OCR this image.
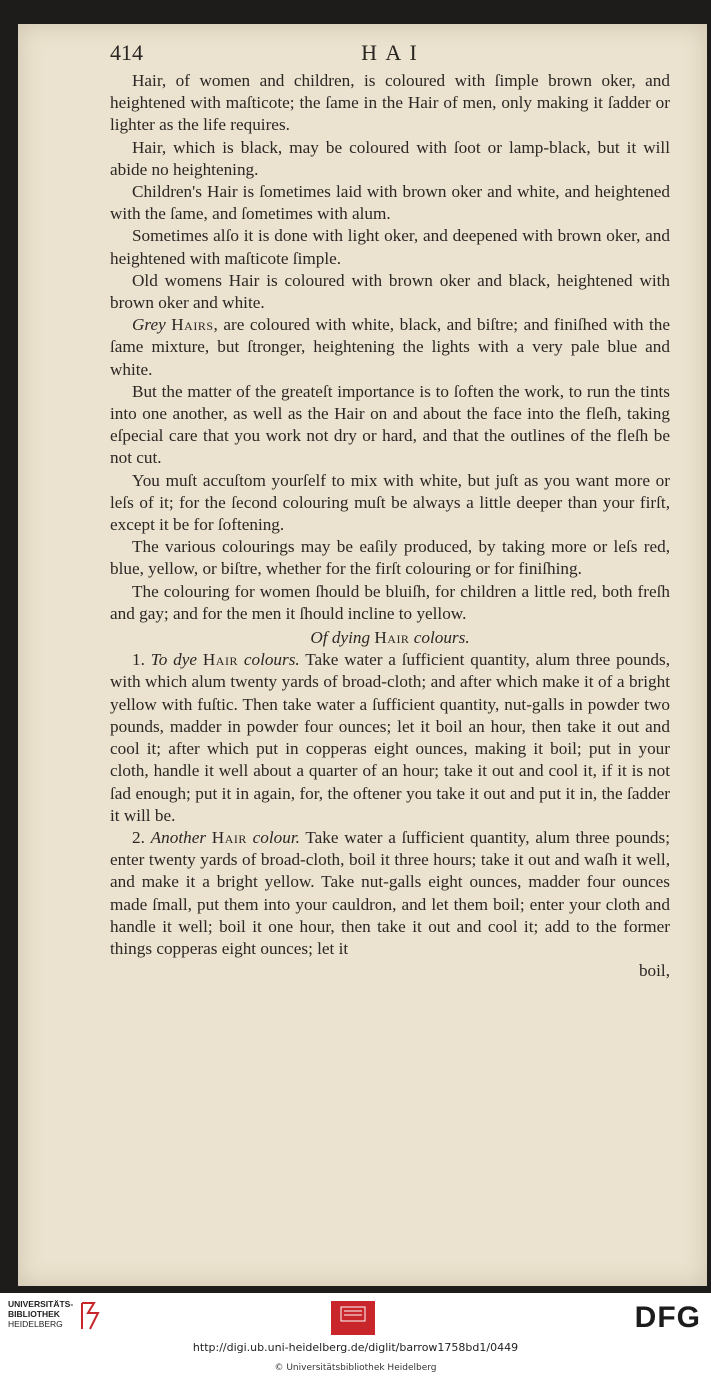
414	H A I

Hair, of women and children, is coloured with ſimple brown oker, and heightened with maſticote; the ſame in the Hair of men, only making it ſadder or lighter as the life requires.

Hair, which is black, may be coloured with ſoot or lamp-black, but it will abide no heightening.

Children's Hair is ſometimes laid with brown oker and white, and heightened with the ſame, and ſometimes with alum.

Sometimes alſo it is done with light oker, and deepened with brown oker, and heightened with maſticote ſimple.

Old womens Hair is coloured with brown oker and black, heightened with brown oker and white.

Grey Hairs, are coloured with white, black, and biſtre; and finiſhed with the ſame mixture, but ſtronger, heightening the lights with a very pale blue and white.

But the matter of the greateſt importance is to ſoften the work, to run the tints into one another, as well as the Hair on and about the face into the fleſh, taking eſpecial care that you work not dry or hard, and that the outlines of the fleſh be not cut.

You muſt accuſtom yourſelf to mix with white, but juſt as you want more or leſs of it; for the ſecond colouring muſt be always a little deeper than your firſt, except it be for ſoftening.

The various colourings may be eaſily produced, by taking more or leſs red, blue, yellow, or biſtre, whether for the firſt colouring or for finiſhing.

The colouring for women ſhould be bluiſh, for children a little red, both freſh and gay; and for the men it ſhould incline to yellow.

Of dying Hair colours.

1. To dye Hair colours. Take water a ſufficient quantity, alum three pounds, with which alum twenty yards of broad-cloth; and after which make it of a bright yellow with fuſtic. Then take water a ſufficient quantity, nut-galls in powder two pounds, madder in powder four ounces; let it boil an hour, then take it out and cool it; after which put in copperas eight ounces, making it boil; put in your cloth, handle it well about a quarter of an hour; take it out and cool it, if it is not ſad enough; put it in again, for, the oftener you take it out and put it in, the ſadder it will be.

2. Another Hair colour. Take water a ſufficient quantity, alum three pounds; enter twenty yards of broad-cloth, boil it three hours; take it out and waſh it well, and make it a bright yellow. Take nut-galls eight ounces, madder four ounces made ſmall, put them into your cauldron, and let them boil; enter your cloth and handle it well; boil it one hour, then take it out and cool it; add to the former things copperas eight ounces; let it

boil,

UNIVERSITÄTS-
BIBLIOTHEK
HEIDELBERG	DFG
http://digi.ub.uni-heidelberg.de/diglit/barrow1758bd1/0449
© Universitätsbibliothek Heidelberg
